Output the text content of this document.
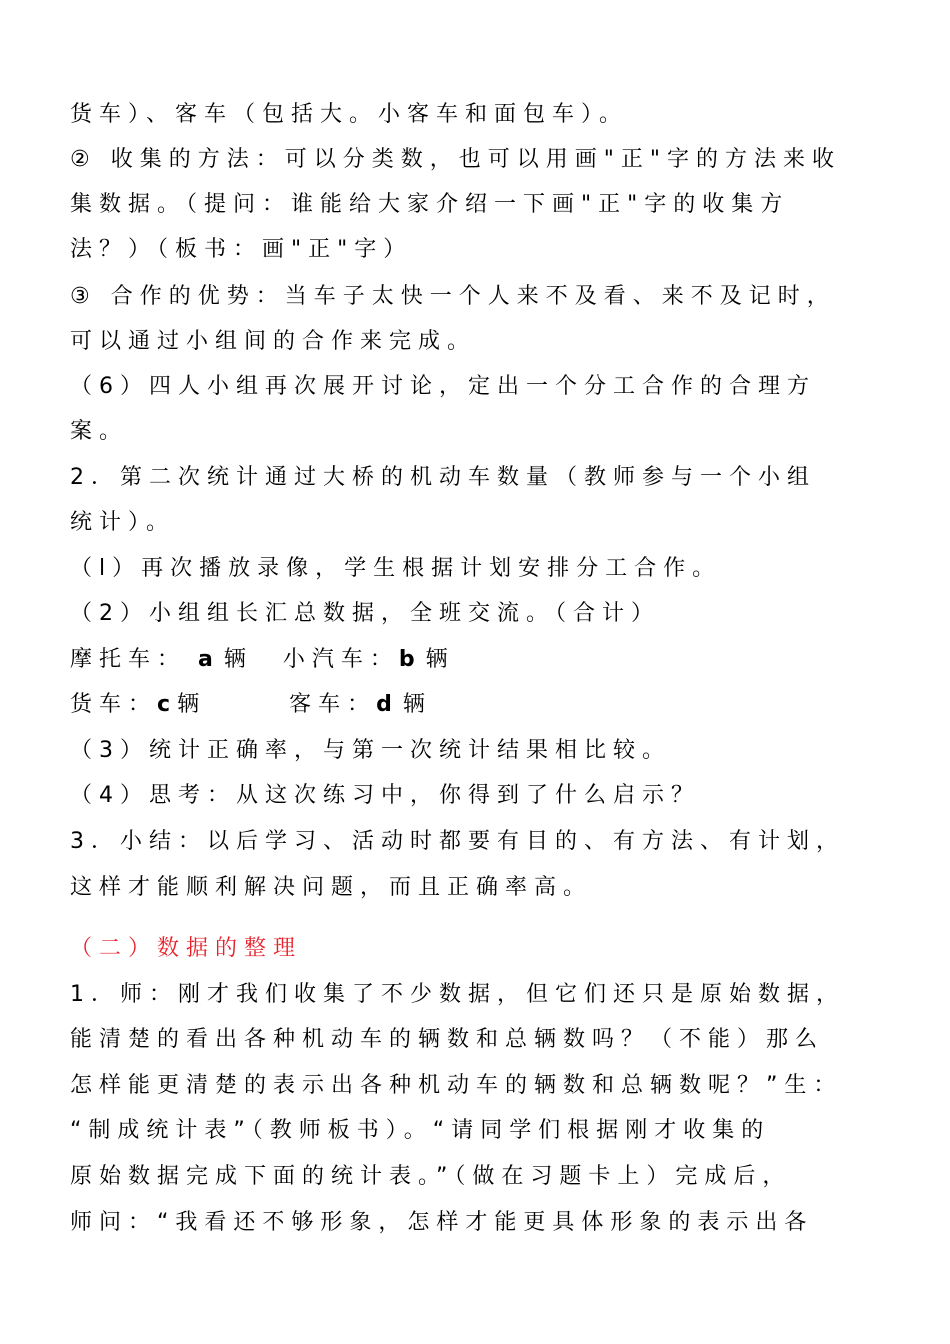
货车）、客车（包括大。小客车和面包车）。
② 收集的方法：可以分类数，也可以用画"正"字的方法来收
集数据。（提问：谁能给大家介绍一下画"正"字的收集方
法？）（板书：画"正"字）
③ 合作的优势：当车子太快一个人来不及看、来不及记时，
可以通过小组间的合作来完成。
（6）四人小组再次展开讨论，定出一个分工合作的合理方
案。
2．第二次统计通过大桥的机动车数量（教师参与一个小组
统计）。
（l）再次播放录像，学生根据计划安排分工合作。
（2）小组组长汇总数据，全班交流。（合计）
摩托车： a 辆 小汽车：b 辆
货车：c辆	客车：d 辆
（3）统计正确率，与第一次统计结果相比较。
（4）思考：从这次练习中，你得到了什么启示？
3．小结：以后学习、活动时都要有目的、有方法、有计划，
这样才能顺利解决问题，而且正确率高。
（二）数据的整理
1．师：刚才我们收集了不少数据，但它们还只是原始数据，
能清楚的看出各种机动车的辆数和总辆数吗？（不能）那么
怎样能更清楚的表示出各种机动车的辆数和总辆数呢？”生：
“制成统计表”（教师板书）。“请同学们根据刚才收集的
原始数据完成下面的统计表。”（做在习题卡上）完成后，
师问：“我看还不够形象，怎样才能更具体形象的表示出各
